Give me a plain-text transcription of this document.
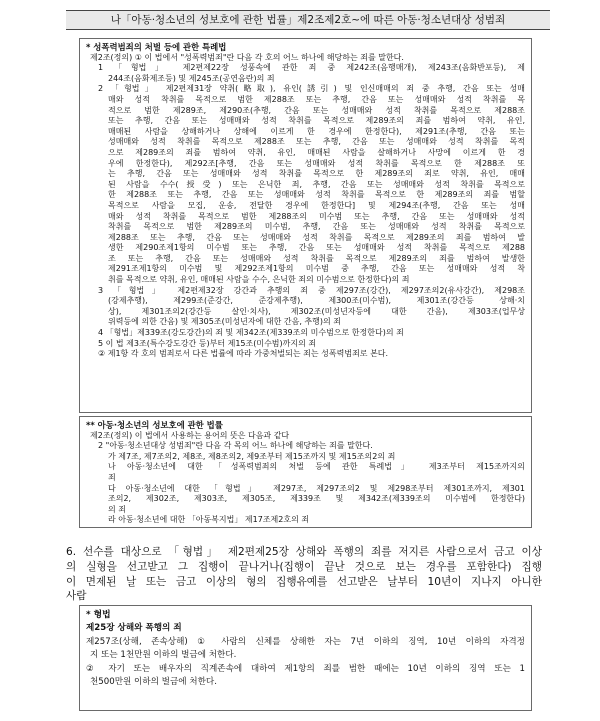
나「아동·청소년의 성보호에 관한 법률」제2조제2호~에 따른 아동·청소년대상 성범죄
* 성폭력범죄의 처벌 등에 관한 특례법
제2조(정의) ① 이 법에서 "성폭력범죄"란 다음 각 호의 어느 하나에 해당하는 죄를 말한다.
1 「형법」 제2편제22장 성풍속에 관한 죄 중 제242조(음행매개), 제243조(음화반포등), 제
244조(음화제조등) 및 제245조(공연음란)의 죄
2 「형법」 제2편제31장 약취(略取), 유인(誘引) 및 인신매매의 죄 중 추행, 간음 또는 성매
매와 성적 착취를 목적으로 범한 제288조 또는 추행, 간음 또는 성매매와 성적 착취를 목
적으로 범한 제289조, 제290조(추행, 간음 또는 성매매와 성적 착취를 목적으로 제288조
또는 추행, 간음 또는 성매매와 성적 착취를 목적으로 제289조의 죄를 범하여 약취, 유인,
매매된 사람을 상해하거나 상해에 이르게 한 경우에 한정한다), 제291조(추행, 간음 또는
성매매와 성적 착취를 목적으로 제288조 또는 추행, 간음 또는 성매매와 성적 착취를 목적
으로 제289조의 죄를 범하여 약취, 유인, 매매된 사람을 살해하거나 사망에 이르게 한 경
우에 한정한다), 제292조[추행, 간음 또는 성매매와 성적 착취를 목적으로 한 제288조 또
는 추행, 간음 또는 성매매와 성적 착취를 목적으로 한 제289조의 죄로 약취, 유인, 매매
된 사람을 수수(授受) 또는 은닉한 죄, 추행, 간음 또는 성매매와 성적 착취를 목적으로
한 제288조 또는 추행, 간음 또는 성매매와 성적 착취를 목적으로 한 제289조의 죄를 범할
목적으로 사람을 모집, 운송, 전달한 경우에 한정한다] 및 제294조(추행, 간음 또는 성매
매와 성적 착취를 목적으로 범한 제288조의 미수범 또는 추행, 간음 또는 성매매와 성적
착취를 목적으로 범한 제289조의 미수범, 추행, 간음 또는 성매매와 성적 착취를 목적으로
제288조 또는 추행, 간음 또는 성매매와 성적 착취를 목적으로 제289조의 죄를 범하여 발
생한 제290조제1항의 미수범 또는 추행, 간음 또는 성매매와 성적 착취를 목적으로 제288
조 또는 추행, 간음 또는 성매매와 성적 착취를 목적으로 제289조의 죄를 범하여 발생한
제291조제1항의 미수범 및 제292조제1항의 미수범 중 추행, 간음 또는 성매매와 성적 착
취를 목적으로 약취, 유인, 매매된 사람을 수수, 은닉한 죄의 미수범으로 한정한다)의 죄
3 「형법」 제2편제32장 강간과 추행의 죄 중 제297조(강간), 제297조의2(유사강간), 제298조
(강제추행), 제299조(준강간, 준강제추행), 제300조(미수범), 제301조(강간등 상해·치
상), 제301조의2(강간등 살인·치사), 제302조(미성년자등에 대한 간음), 제303조(업무상
위력등에 의한 간음) 및 제305조(미성년자에 대한 간음, 추행)의 죄
4 「형법」제339조(강도강간)의 죄 및 제342조(제339조의 미수범으로 한정한다)의 죄
5 이 법 제3조(특수강도강간 등)부터 제15조(미수범)까지의 죄
② 제1항 각 호의 범죄로서 다른 법률에 따라 가중처벌되는 죄는 성폭력범죄로 본다.
** 아동·청소년의 성보호에 관한 법률
제2조(정의) 이 법에서 사용하는 용어의 뜻은 다음과 같다
2 "아동·청소년대상 성범죄"란 다음 각 목의 어느 하나에 해당하는 죄를 말한다.
가 제7조, 제7조의2, 제8조, 제8조의2, 제9조부터 제15조까지 및 제15조의2의 죄
나 아동·청소년에 대한 「성폭력범죄의 처벌 등에 관한 특례법」 제3조부터 제15조까지의
죄
다 아동·청소년에 대한 「형법」 제297조, 제297조의2 및 제298조부터 제301조까지, 제301
조의2, 제302조, 제303조, 제305조, 제339조 및 제342조(제339조의 미수범에 한정한다)
의 죄
라 아동·청소년에 대한 「아동복지법」 제17조제2호의 죄
6. 선수를 대상으로 「형법」 제2편제25장 상해와 폭행의 죄를 저지른 사람으로서 금고 이상
의 실형을 선고받고 그 집행이 끝나거나(집행이 끝난 것으로 보는 경우를 포함한다) 집행
이 면제된 날 또는 금고 이상의 형의 집행유예를 선고받은 날부터 10년이 지나지 아니한
사람
* 형법
제25장 상해와 폭행의 죄
제257조(상해, 존속상해) ① 사람의 신체를 상해한 자는 7년 이하의 징역, 10년 이하의 자격정
지 또는 1천만원 이하의 벌금에 처한다.
② 자기 또는 배우자의 직계존속에 대하여 제1항의 죄를 범한 때에는 10년 이하의 징역 또는 1
천500만원 이하의 벌금에 처한다.
